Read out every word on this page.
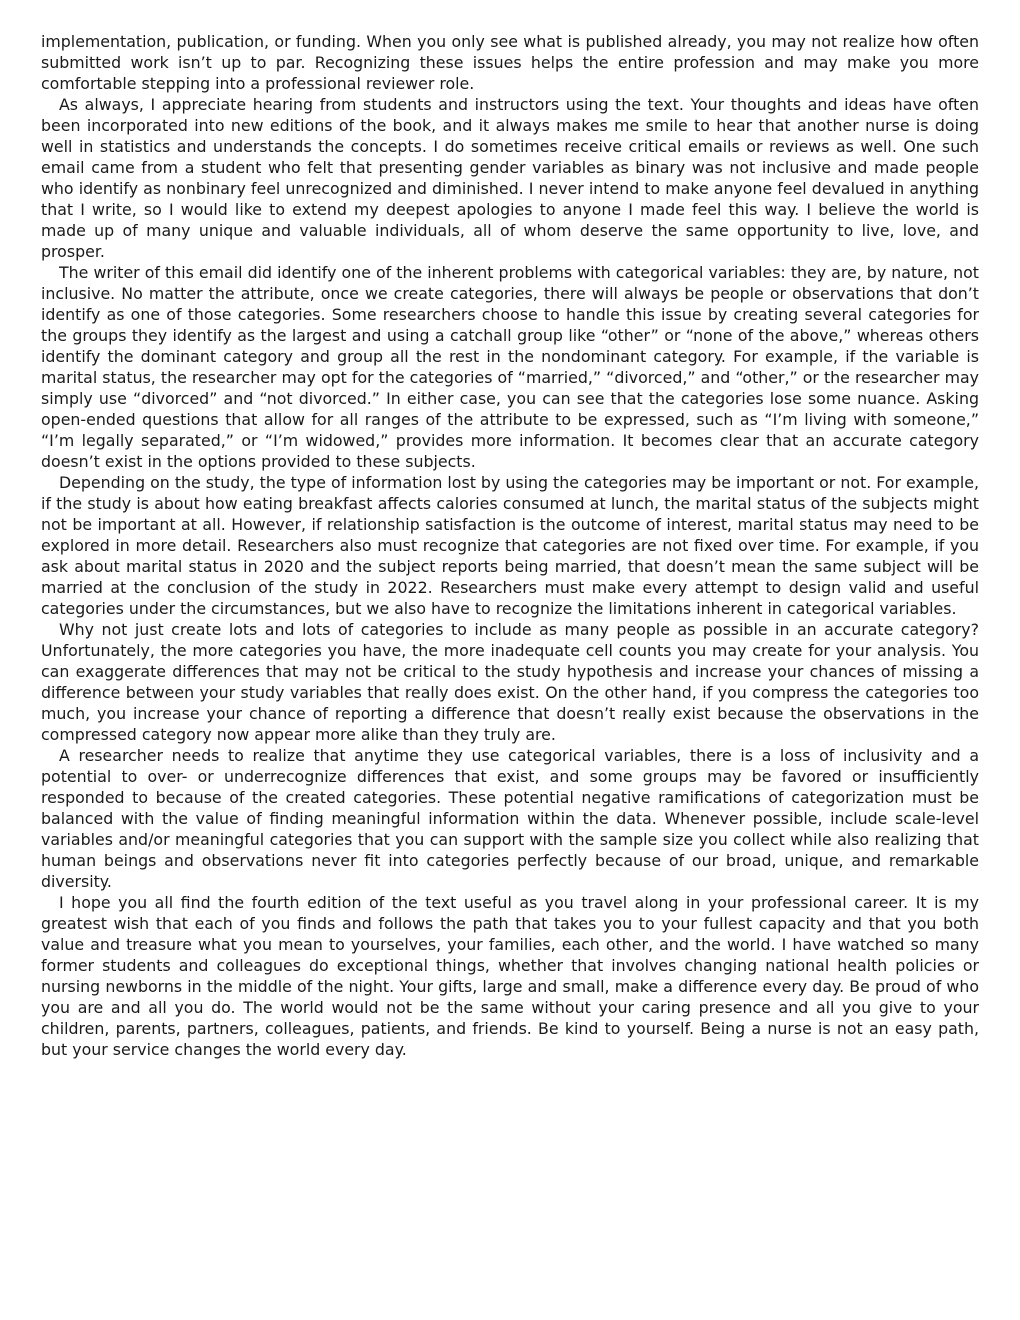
implementation, publication, or funding. When you only see what is published already, you may not realize how often submitted work isn’t up to par. Recognizing these issues helps the entire profession and may make you more comfortable stepping into a professional reviewer role.

As always, I appreciate hearing from students and instructors using the text. Your thoughts and ideas have often been incorporated into new editions of the book, and it always makes me smile to hear that another nurse is doing well in statistics and understands the concepts. I do sometimes receive critical emails or reviews as well. One such email came from a student who felt that presenting gender variables as binary was not inclusive and made people who identify as nonbinary feel unrecognized and diminished. I never intend to make anyone feel devalued in anything that I write, so I would like to extend my deepest apologies to anyone I made feel this way. I believe the world is made up of many unique and valuable individuals, all of whom deserve the same opportunity to live, love, and prosper.

The writer of this email did identify one of the inherent problems with categorical variables: they are, by nature, not inclusive. No matter the attribute, once we create categories, there will always be people or observations that don’t identify as one of those categories. Some researchers choose to handle this issue by creating several categories for the groups they identify as the largest and using a catchall group like “other” or “none of the above,” whereas others identify the dominant category and group all the rest in the nondominant category. For example, if the variable is marital status, the researcher may opt for the categories of “married,” “divorced,” and “other,” or the researcher may simply use “divorced” and “not divorced.” In either case, you can see that the categories lose some nuance. Asking open-ended questions that allow for all ranges of the attribute to be expressed, such as “I’m living with someone,” “I’m legally separated,” or “I’m widowed,” provides more information. It becomes clear that an accurate category doesn’t exist in the options provided to these subjects.

Depending on the study, the type of information lost by using the categories may be important or not. For example, if the study is about how eating breakfast affects calories consumed at lunch, the marital status of the subjects might not be important at all. However, if relationship satisfaction is the outcome of interest, marital status may need to be explored in more detail. Researchers also must recognize that categories are not fixed over time. For example, if you ask about marital status in 2020 and the subject reports being married, that doesn’t mean the same subject will be married at the conclusion of the study in 2022. Researchers must make every attempt to design valid and useful categories under the circumstances, but we also have to recognize the limitations inherent in categorical variables.

Why not just create lots and lots of categories to include as many people as possible in an accurate category? Unfortunately, the more categories you have, the more inadequate cell counts you may create for your analysis. You can exaggerate differences that may not be critical to the study hypothesis and increase your chances of missing a difference between your study variables that really does exist. On the other hand, if you compress the categories too much, you increase your chance of reporting a difference that doesn’t really exist because the observations in the compressed category now appear more alike than they truly are.

A researcher needs to realize that anytime they use categorical variables, there is a loss of inclusivity and a potential to over- or underrecognize differences that exist, and some groups may be favored or insufficiently responded to because of the created categories. These potential negative ramifications of categorization must be balanced with the value of finding meaningful information within the data. Whenever possible, include scale-level variables and/or meaningful categories that you can support with the sample size you collect while also realizing that human beings and observations never fit into categories perfectly because of our broad, unique, and remarkable diversity.

I hope you all find the fourth edition of the text useful as you travel along in your professional career. It is my greatest wish that each of you finds and follows the path that takes you to your fullest capacity and that you both value and treasure what you mean to yourselves, your families, each other, and the world. I have watched so many former students and colleagues do exceptional things, whether that involves changing national health policies or nursing newborns in the middle of the night. Your gifts, large and small, make a difference every day. Be proud of who you are and all you do. The world would not be the same without your caring presence and all you give to your children, parents, partners, colleagues, patients, and friends. Be kind to yourself. Being a nurse is not an easy path, but your service changes the world every day.
